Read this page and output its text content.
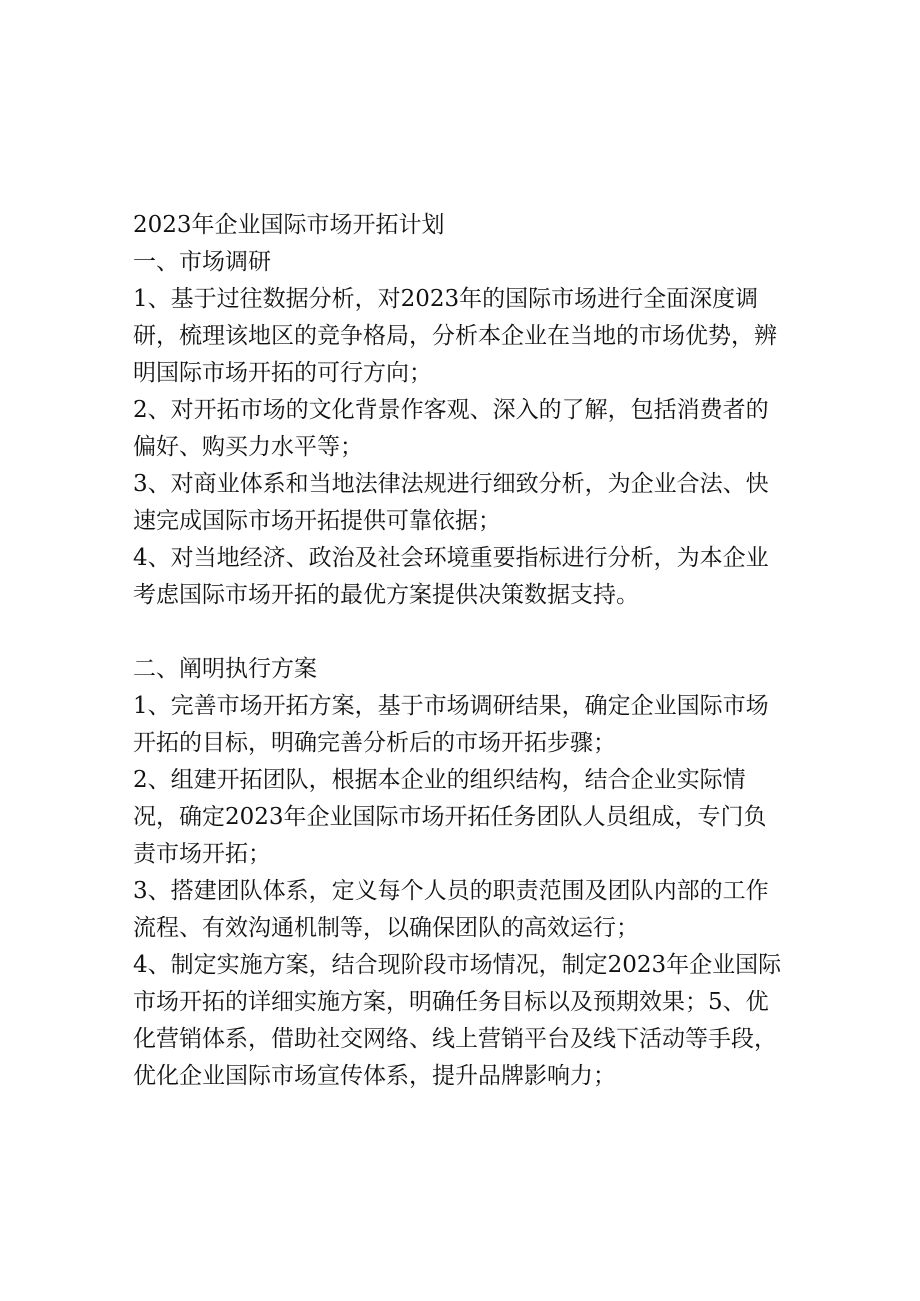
2023年企业国际市场开拓计划

一、市场调研

1、基于过往数据分析，对2023年的国际市场进行全面深度调研，梳理该地区的竞争格局，分析本企业在当地的市场优势，辨明国际市场开拓的可行方向；

2、对开拓市场的文化背景作客观、深入的了解，包括消费者的偏好、购买力水平等；

3、对商业体系和当地法律法规进行细致分析，为企业合法、快速完成国际市场开拓提供可靠依据；

4、对当地经济、政治及社会环境重要指标进行分析，为本企业考虑国际市场开拓的最优方案提供决策数据支持。

二、阐明执行方案

1、完善市场开拓方案，基于市场调研结果，确定企业国际市场开拓的目标，明确完善分析后的市场开拓步骤；

2、组建开拓团队，根据本企业的组织结构，结合企业实际情况，确定2023年企业国际市场开拓任务团队人员组成，专门负责市场开拓；

3、搭建团队体系，定义每个人员的职责范围及团队内部的工作流程、有效沟通机制等，以确保团队的高效运行；

4、制定实施方案，结合现阶段市场情况，制定2023年企业国际市场开拓的详细实施方案，明确任务目标以及预期效果；5、优化营销体系，借助社交网络、线上营销平台及线下活动等手段，优化企业国际市场宣传体系，提升品牌影响力；
